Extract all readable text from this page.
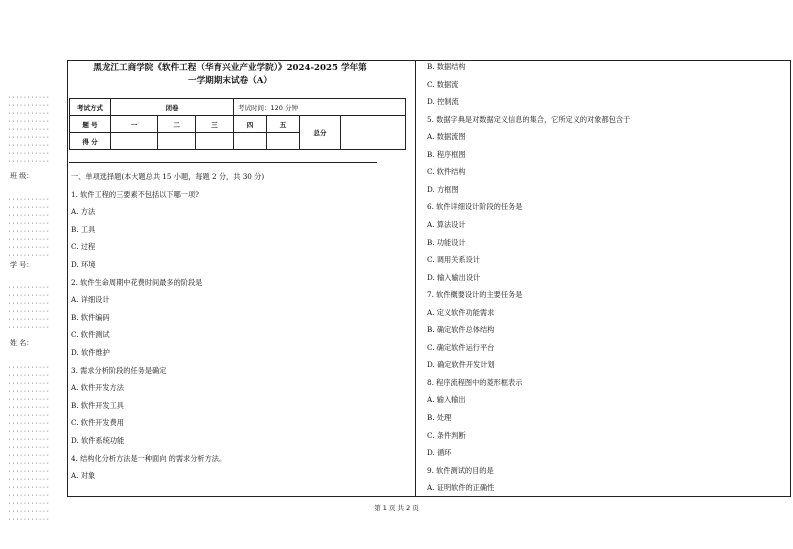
···········
···········
···········
···········
···········
···········
···········
···········
···········
班 级：
···········
···········
···········
···········
···········
···········
···········
···········
学 号：
···········
···········
···········
···········
···········
···········
姓 名：
···········
···········
···········
···········
···········
···········
···········
···········
···········
···········
···········
···········
···········
···········
···········
···········
···········
···········
···········
···········
黑龙江工商学院《软件工程（华育兴业产业学院）》2024-2025 学年第
一学期期末试卷（A）
考试方式	闭卷			考试时间：120 分钟			
题 号	一	二	三	四	五	总分	
得 分							
一、单项选择题(本大题总共 15 小题，每题 2 分，共 30 分)
1. 软件工程的三要素不包括以下哪一项?
A. 方法
B. 工具
C. 过程
D. 环境
2. 软件生命周期中花费时间最多的阶段是
A. 详细设计
B. 软件编码
C. 软件测试
D. 软件维护
3. 需求分析阶段的任务是确定
A. 软件开发方法
B. 软件开发工具
C. 软件开发费用
D. 软件系统功能
4. 结构化分析方法是一种面向 的需求分析方法。
A. 对象
B. 数据结构
C. 数据流
D. 控制流
5. 数据字典是对数据定义信息的集合，它所定义的对象都包含于
A. 数据流图
B. 程序框图
C. 软件结构
D. 方框图
6. 软件详细设计阶段的任务是
A. 算法设计
B. 功能设计
C. 调用关系设计
D. 输入输出设计
7. 软件概要设计的主要任务是
A. 定义软件功能需求
B. 确定软件总体结构
C. 确定软件运行平台
D. 确定软件开发计划
8. 程序流程图中的菱形框表示
A. 输入输出
B. 处理
C. 条件判断
D. 循环
9. 软件测试的目的是
A. 证明软件的正确性
第 1 页 共 2 页
